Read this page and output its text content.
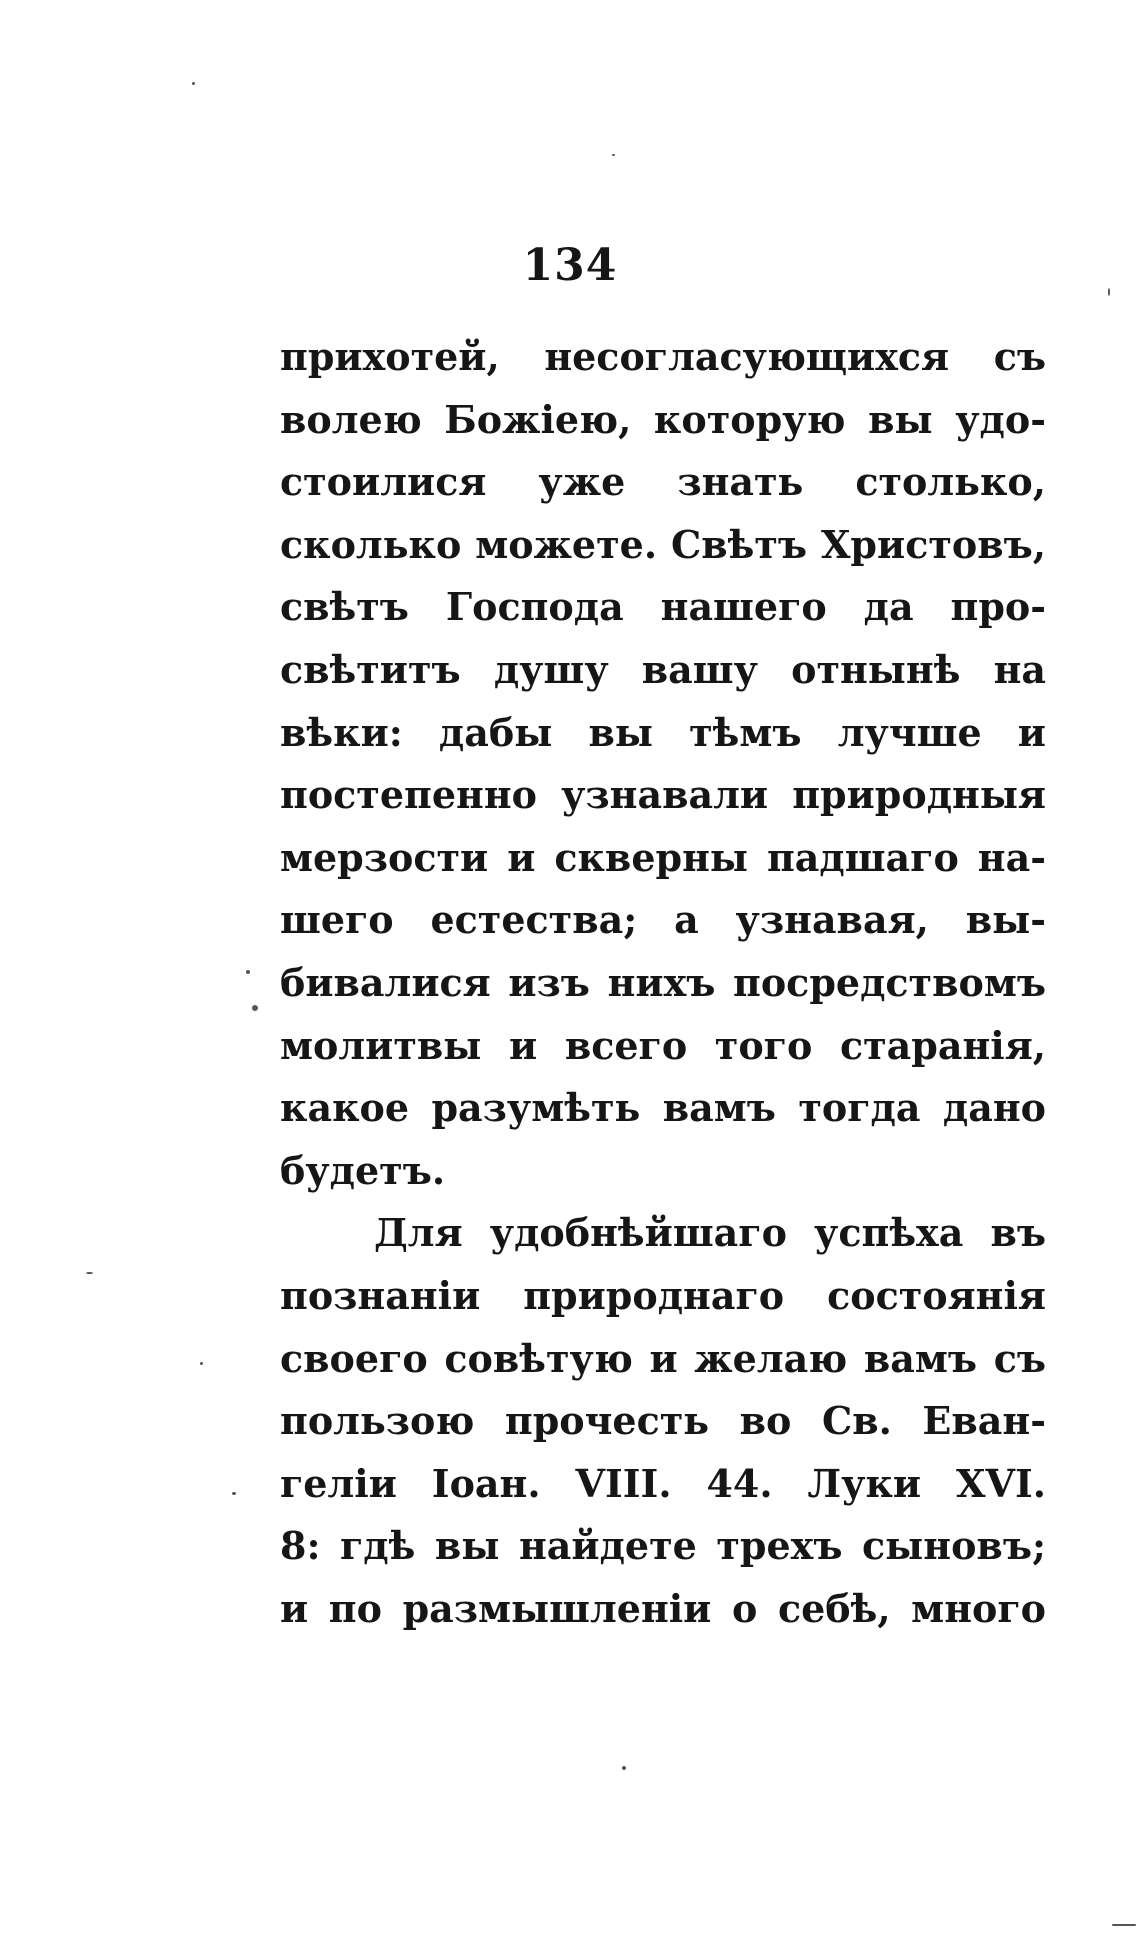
134
прихотей, несогласующихся съ
волею Божіею, которую вы удо-
стоилися уже знать столько,
сколько можете. Свѣтъ Христовъ,
свѣтъ Господа нашего да про-
свѣтитъ душу вашу отнынѣ на
вѣки: дабы вы тѣмъ лучше и
постепенно узнавали природныя
мерзости и скверны падшаго на-
шего естества; а узнавая, вы-
бивалися изъ нихъ посредствомъ
молитвы и всего того старанія,
какое разумѣть вамъ тогда дано
будетъ.
Для удобнѣйшаго успѣха въ
познаніи природнаго состоянія
своего совѣтую и желаю вамъ съ
пользою прочесть во Св. Еван-
геліи Іоан. VIII. 44. Луки XVI.
8: гдѣ вы найдете трехъ сыновъ;
и по размышленіи о себѣ, много
